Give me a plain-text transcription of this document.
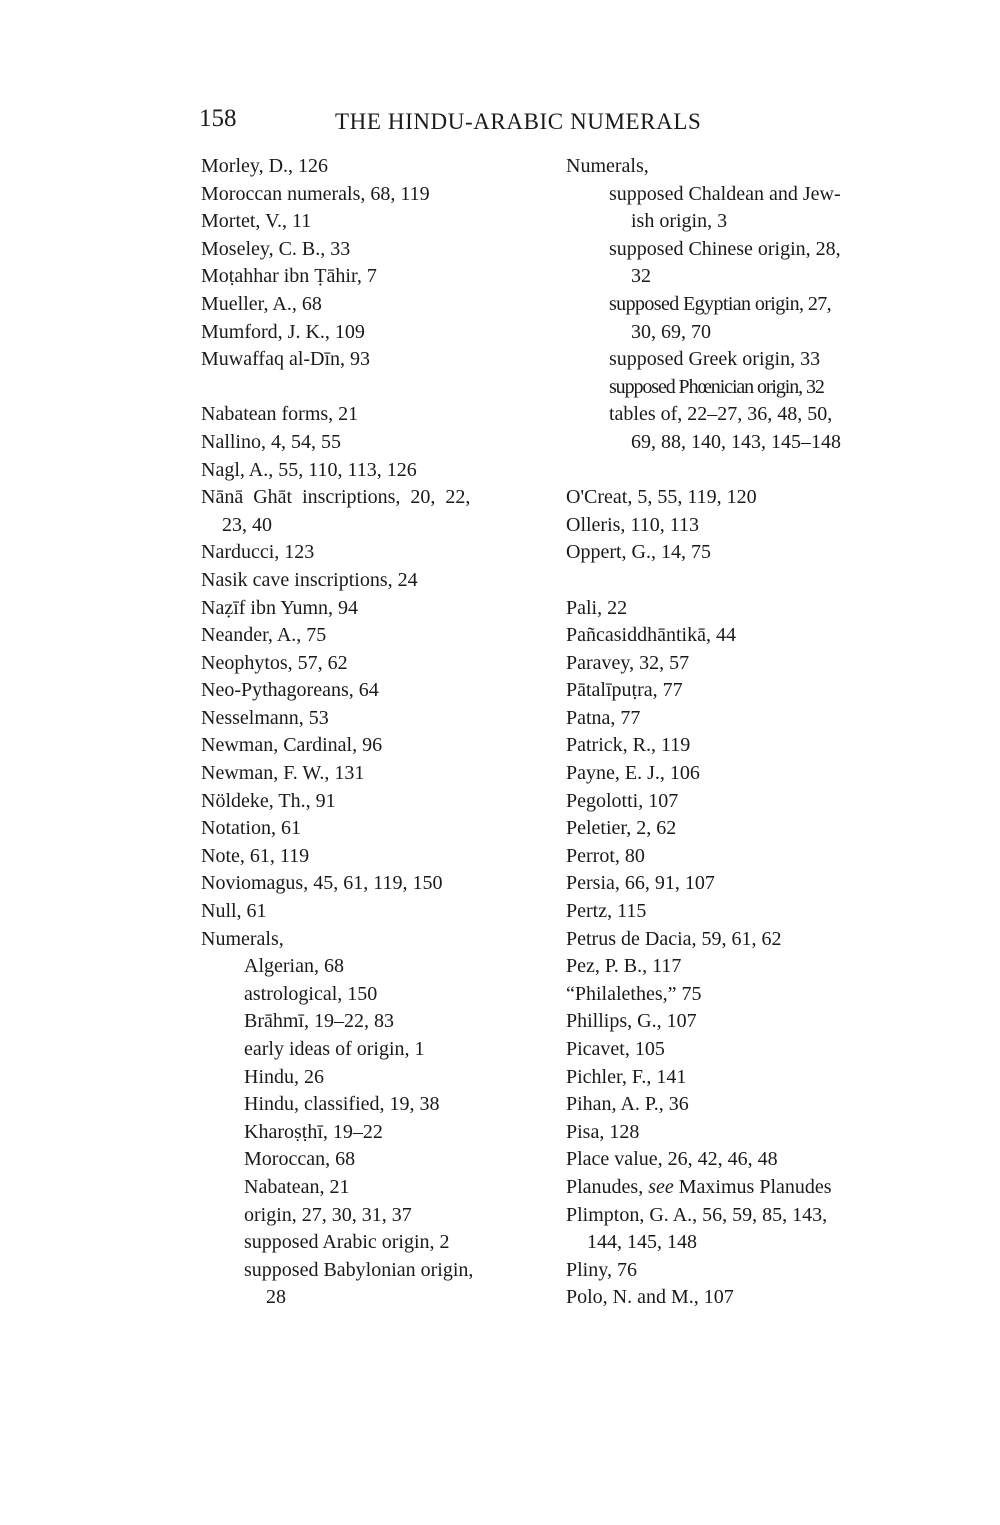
158	THE HINDU-ARABIC NUMERALS
Morley, D., 126
Moroccan numerals, 68, 119
Mortet, V., 11
Moseley, C. B., 33
Moṭahhar ibn Ṭāhir, 7
Mueller, A., 68
Mumford, J. K., 109
Muwaffaq al-Dīn, 93
Nabatean forms, 21
Nallino, 4, 54, 55
Nagl, A., 55, 110, 113, 126
Nānā  Ghāt  inscriptions,  20,  22,
23, 40
Narducci, 123
Nasik cave inscriptions, 24
Naẓīf ibn Yumn, 94
Neander, A., 75
Neophytos, 57, 62
Neo-Pythagoreans, 64
Nesselmann, 53
Newman, Cardinal, 96
Newman, F. W., 131
Nöldeke, Th., 91
Notation, 61
Note, 61, 119
Noviomagus, 45, 61, 119, 150
Null, 61
Numerals,
Algerian, 68
astrological, 150
Brāhmī, 19–22, 83
early ideas of origin, 1
Hindu, 26
Hindu, classified, 19, 38
Kharoṣṭhī, 19–22
Moroccan, 68
Nabatean, 21
origin, 27, 30, 31, 37
supposed Arabic origin, 2
supposed Babylonian origin,
28
Numerals,
supposed Chaldean and Jew-
ish origin, 3
supposed Chinese origin, 28,
32
supposed Egyptian origin, 27,
30, 69, 70
supposed Greek origin, 33
supposed Phœnician origin, 32
tables of, 22–27, 36, 48, 50,
69, 88, 140, 143, 145–148
O'Creat, 5, 55, 119, 120
Olleris, 110, 113
Oppert, G., 14, 75
Pali, 22
Pañcasiddhāntikā, 44
Paravey, 32, 57
Pātalīpuṭra, 77
Patna, 77
Patrick, R., 119
Payne, E. J., 106
Pegolotti, 107
Peletier, 2, 62
Perrot, 80
Persia, 66, 91, 107
Pertz, 115
Petrus de Dacia, 59, 61, 62
Pez, P. B., 117
“Philalethes,” 75
Phillips, G., 107
Picavet, 105
Pichler, F., 141
Pihan, A. P., 36
Pisa, 128
Place value, 26, 42, 46, 48
Planudes, see Maximus Planudes
Plimpton, G. A., 56, 59, 85, 143,
144, 145, 148
Pliny, 76
Polo, N. and M., 107
